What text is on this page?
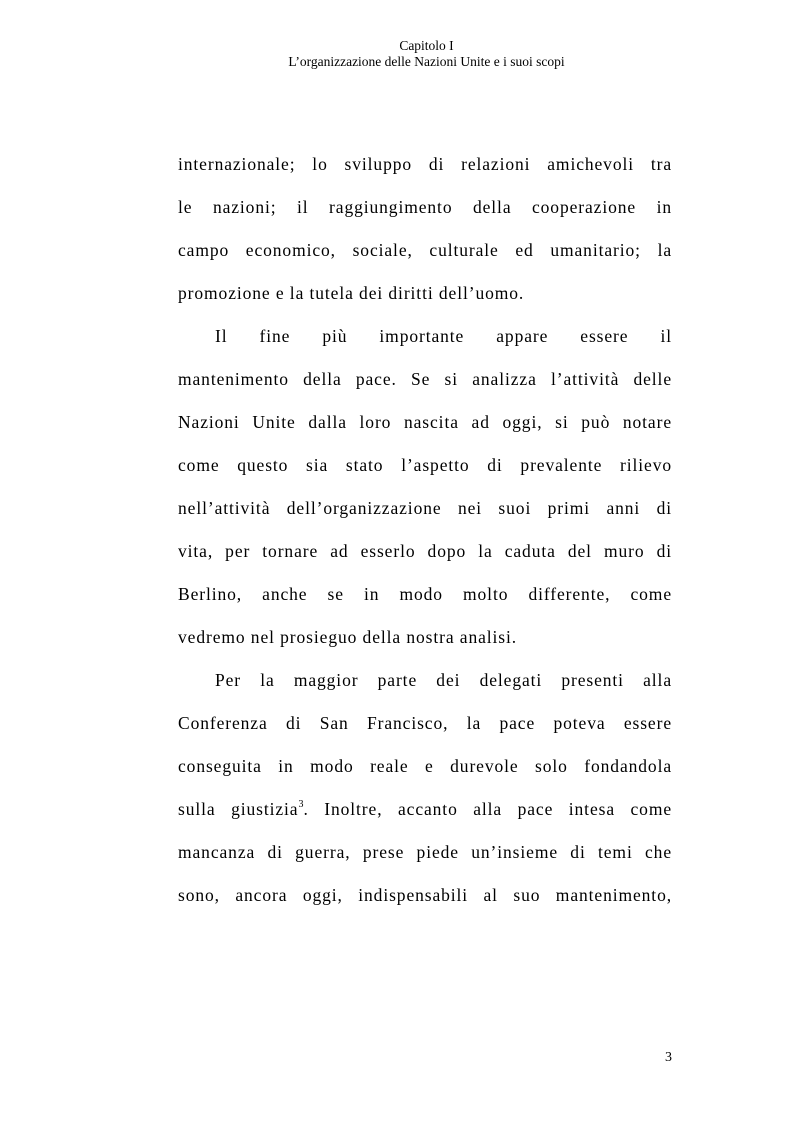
Capitolo I
L’organizzazione delle Nazioni Unite e i suoi scopi
internazionale; lo sviluppo di relazioni amichevoli tra
le nazioni; il raggiungimento della cooperazione in
campo economico, sociale, culturale ed umanitario; la
promozione e la tutela dei diritti dell’uomo.
Il fine più importante appare essere il
mantenimento della pace. Se si analizza l’attività delle
Nazioni Unite dalla loro nascita ad oggi, si può notare
come questo sia stato l’aspetto di prevalente rilievo
nell’attività dell’organizzazione nei suoi primi anni di
vita, per tornare ad esserlo dopo la caduta del muro di
Berlino, anche se in modo molto differente, come
vedremo nel prosieguo della nostra analisi.
Per la maggior parte dei delegati presenti alla
Conferenza di San Francisco, la pace poteva essere
conseguita in modo reale e durevole solo fondandola
sulla giustizia$^3$. Inoltre, accanto alla pace intesa come
mancanza di guerra, prese piede un’insieme di temi che
sono, ancora oggi, indispensabili al suo mantenimento,
3
